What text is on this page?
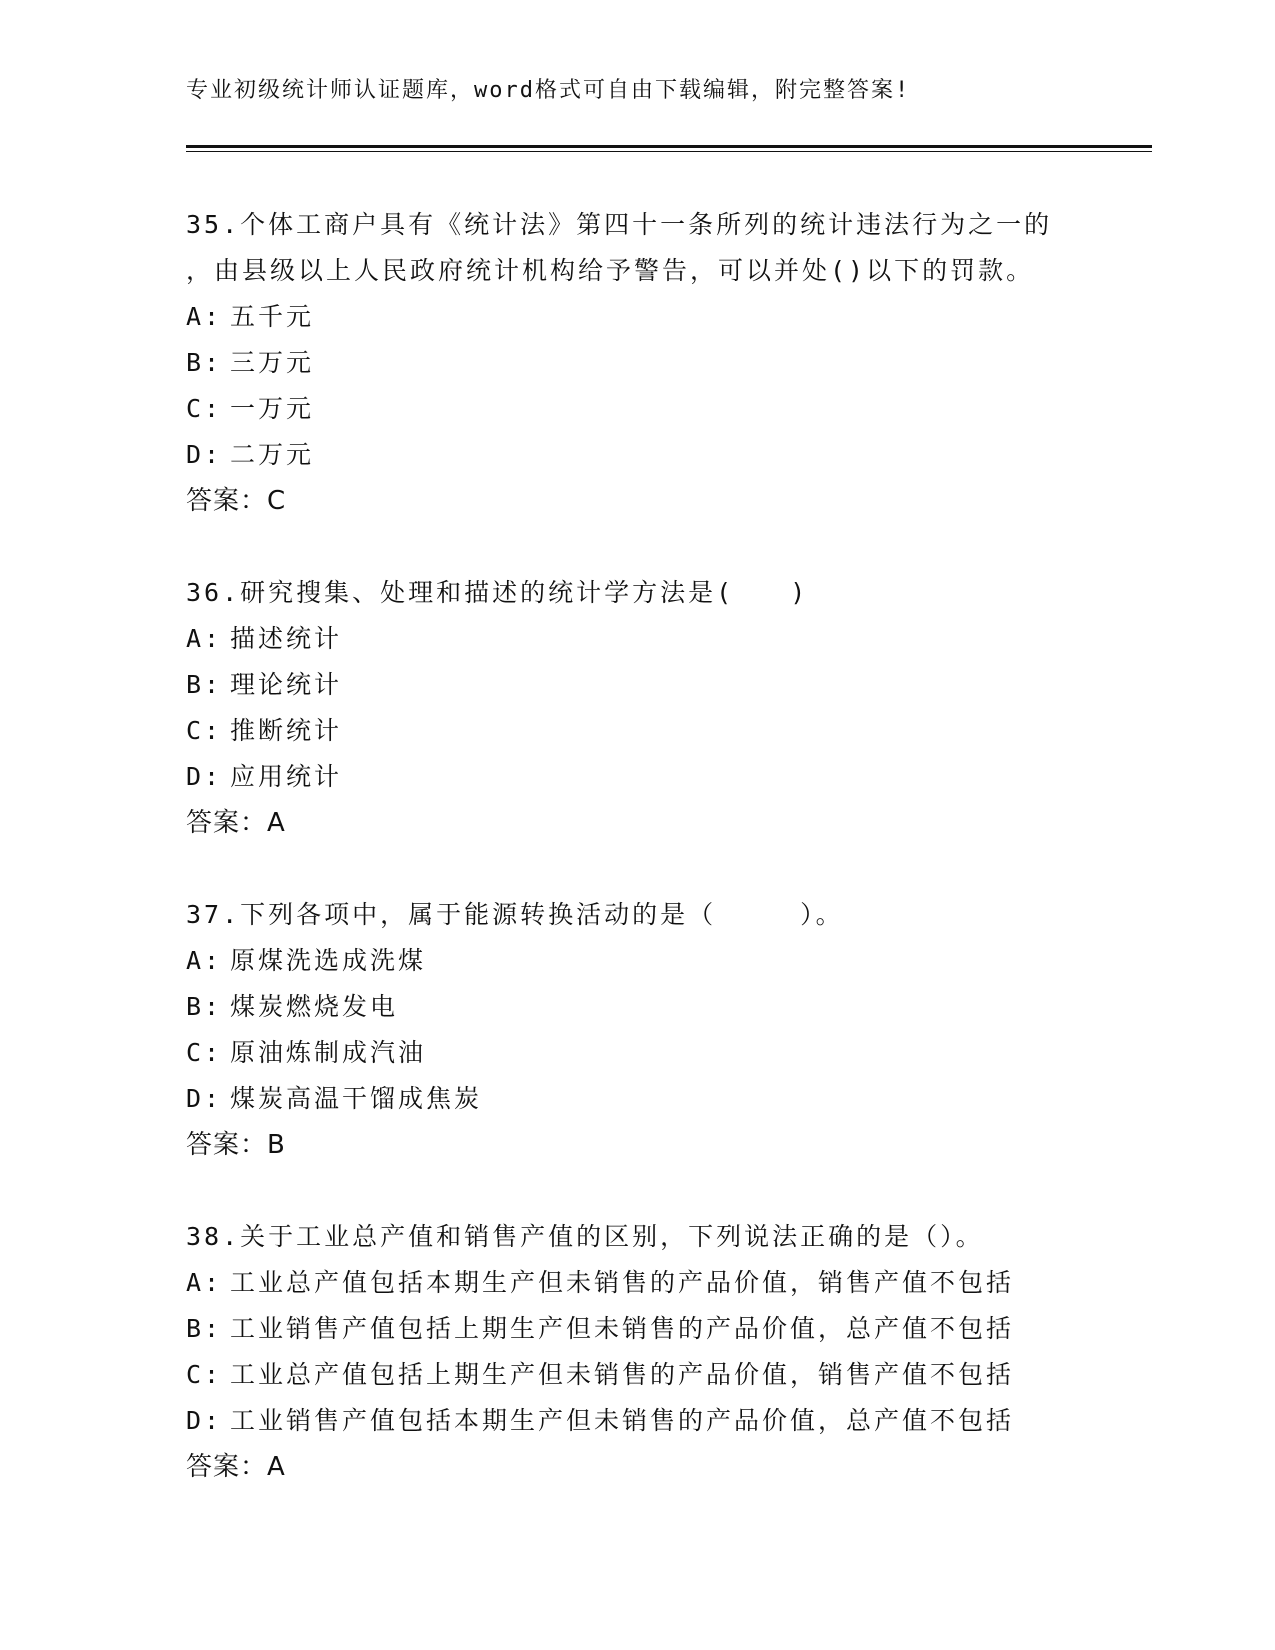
专业初级统计师认证题库，word格式可自由下载编辑，附完整答案!
35.个体工商户具有《统计法》第四十一条所列的统计违法行为之一的
，由县级以上人民政府统计机构给予警告，可以并处()以下的罚款。
A: 五千元
B: 三万元
C: 一万元
D: 二万元
答案：C
36.研究搜集、处理和描述的统计学方法是(　　)
A: 描述统计
B: 理论统计
C: 推断统计
D: 应用统计
答案：A
37.下列各项中，属于能源转换活动的是（　　　）。
A: 原煤洗选成洗煤
B: 煤炭燃烧发电
C: 原油炼制成汽油
D: 煤炭高温干馏成焦炭
答案：B
38.关于工业总产值和销售产值的区别，下列说法正确的是（）。
A: 工业总产值包括本期生产但未销售的产品价值，销售产值不包括
B: 工业销售产值包括上期生产但未销售的产品价值，总产值不包括
C: 工业总产值包括上期生产但未销售的产品价值，销售产值不包括
D: 工业销售产值包括本期生产但未销售的产品价值，总产值不包括
答案：A
